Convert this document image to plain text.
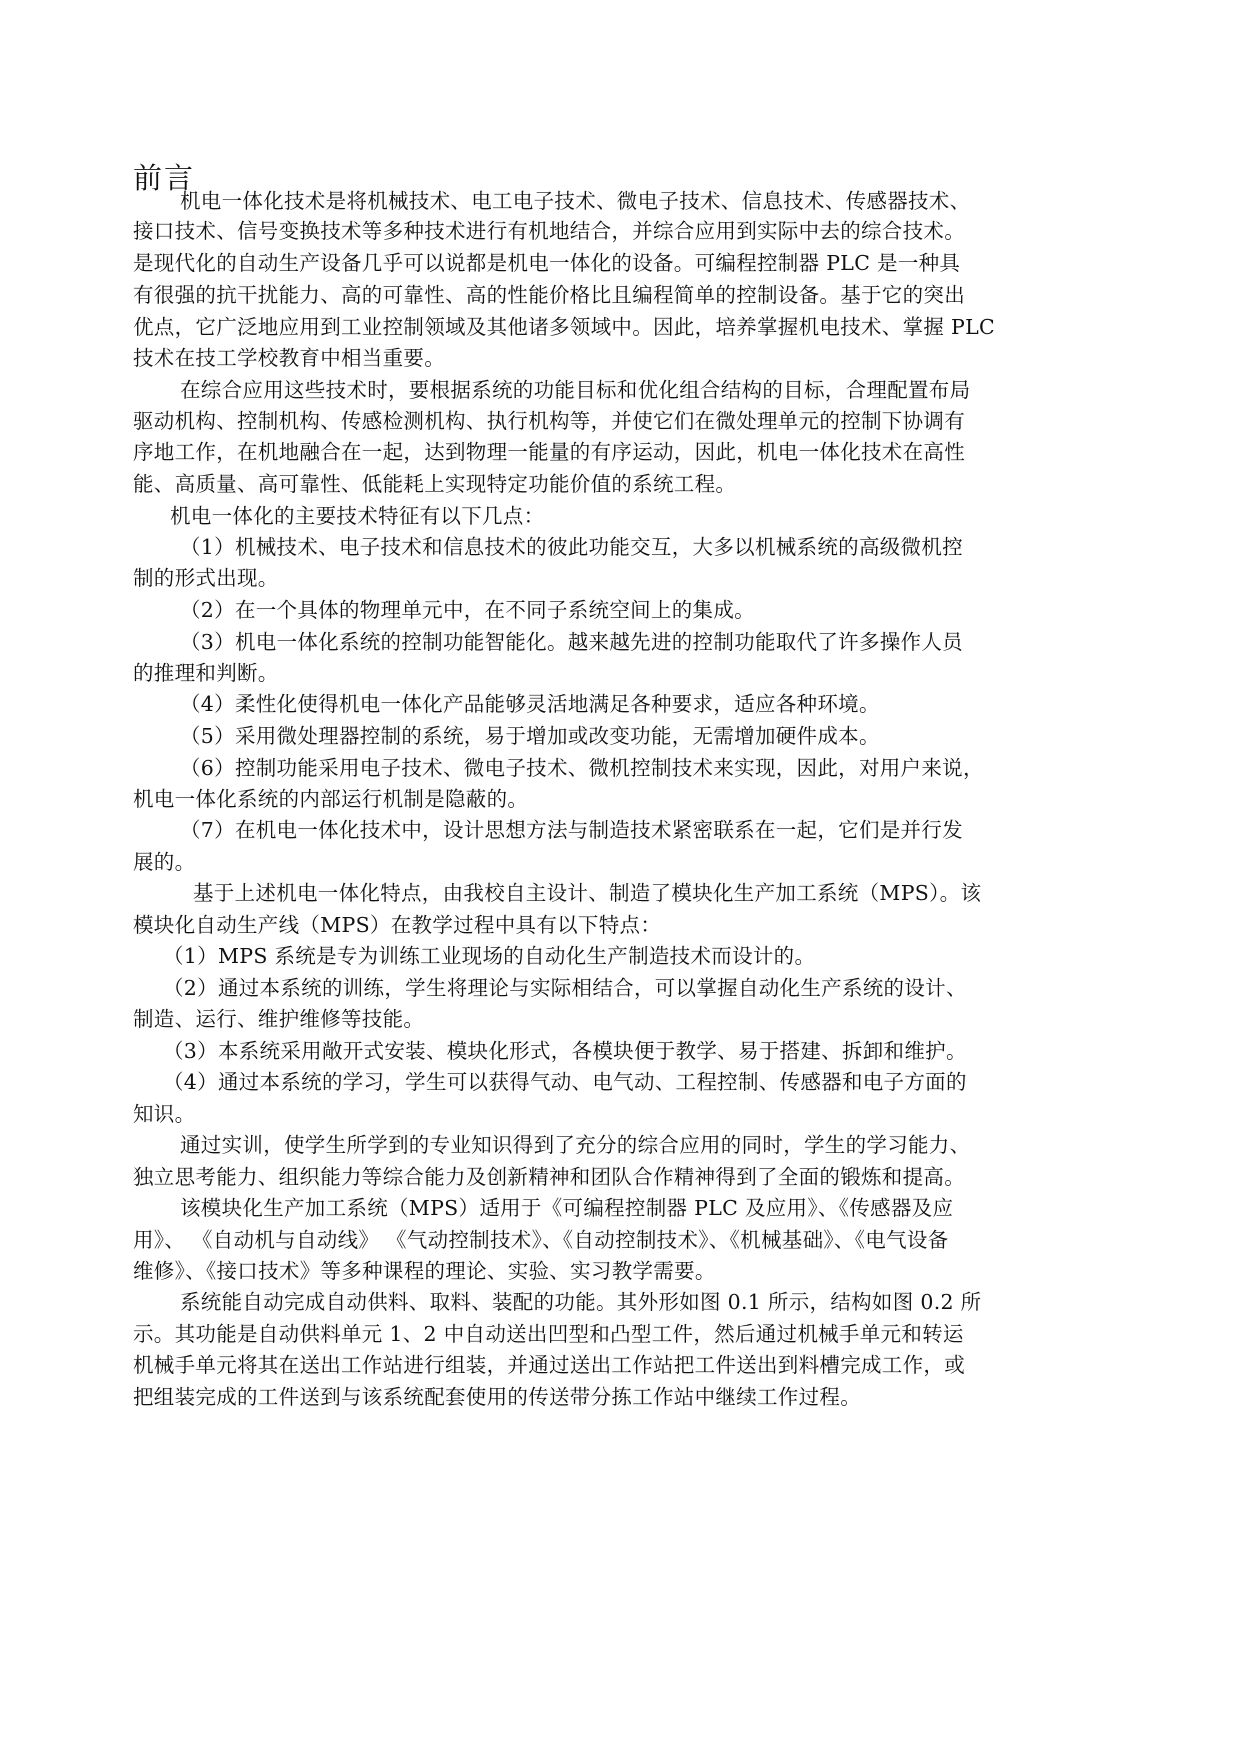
前言

机电一体化技术是将机械技术、电工电子技术、微电子技术、信息技术、传感器技术、

接口技术、信号变换技术等多种技术进行有机地结合，并综合应用到实际中去的综合技术。

是现代化的自动生产设备几乎可以说都是机电一体化的设备。可编程控制器 PLC 是一种具

有很强的抗干扰能力、高的可靠性、高的性能价格比且编程简单的控制设备。基于它的突出

优点，它广泛地应用到工业控制领域及其他诸多领域中。因此，培养掌握机电技术、掌握 PLC

技术在技工学校教育中相当重要。

在综合应用这些技术时，要根据系统的功能目标和优化组合结构的目标，合理配置布局

驱动机构、控制机构、传感检测机构、执行机构等，并使它们在微处理单元的控制下协调有

序地工作，在机地融合在一起，达到物理一能量的有序运动，因此，机电一体化技术在高性

能、高质量、高可靠性、低能耗上实现特定功能价值的系统工程。

机电一体化的主要技术特征有以下几点：

（1）机械技术、电子技术和信息技术的彼此功能交互，大多以机械系统的高级微机控

制的形式出现。

（2）在一个具体的物理单元中，在不同子系统空间上的集成。

（3）机电一体化系统的控制功能智能化。越来越先进的控制功能取代了许多操作人员

的推理和判断。

（4）柔性化使得机电一体化产品能够灵活地满足各种要求，适应各种环境。

（5）采用微处理器控制的系统，易于增加或改变功能，无需增加硬件成本。

（6）控制功能采用电子技术、微电子技术、微机控制技术来实现，因此，对用户来说，

机电一体化系统的内部运行机制是隐蔽的。

（7）在机电一体化技术中，设计思想方法与制造技术紧密联系在一起，它们是并行发

展的。

基于上述机电一体化特点，由我校自主设计、制造了模块化生产加工系统（MPS）。该

模块化自动生产线（MPS）在教学过程中具有以下特点：

（1）MPS 系统是专为训练工业现场的自动化生产制造技术而设计的。

（2）通过本系统的训练，学生将理论与实际相结合，可以掌握自动化生产系统的设计、

制造、运行、维护维修等技能。

（3）本系统采用敞开式安装、模块化形式，各模块便于教学、易于搭建、拆卸和维护。

（4）通过本系统的学习，学生可以获得气动、电气动、工程控制、传感器和电子方面的

知识。

通过实训，使学生所学到的专业知识得到了充分的综合应用的同时，学生的学习能力、

独立思考能力、组织能力等综合能力及创新精神和团队合作精神得到了全面的锻炼和提高。

该模块化生产加工系统（MPS）适用于《可编程控制器 PLC 及应用》、《传感器及应

用》、 《自动机与自动线》 《气动控制技术》、《自动控制技术》、《机械基础》、《电气设备

维修》、《接口技术》等多种课程的理论、实验、实习教学需要。

系统能自动完成自动供料、取料、装配的功能。其外形如图 0.1 所示，结构如图 0.2 所

示。其功能是自动供料单元 1、2 中自动送出凹型和凸型工件，然后通过机械手单元和转运

机械手单元将其在送出工作站进行组装，并通过送出工作站把工件送出到料槽完成工作，或

把组装完成的工件送到与该系统配套使用的传送带分拣工作站中继续工作过程。
